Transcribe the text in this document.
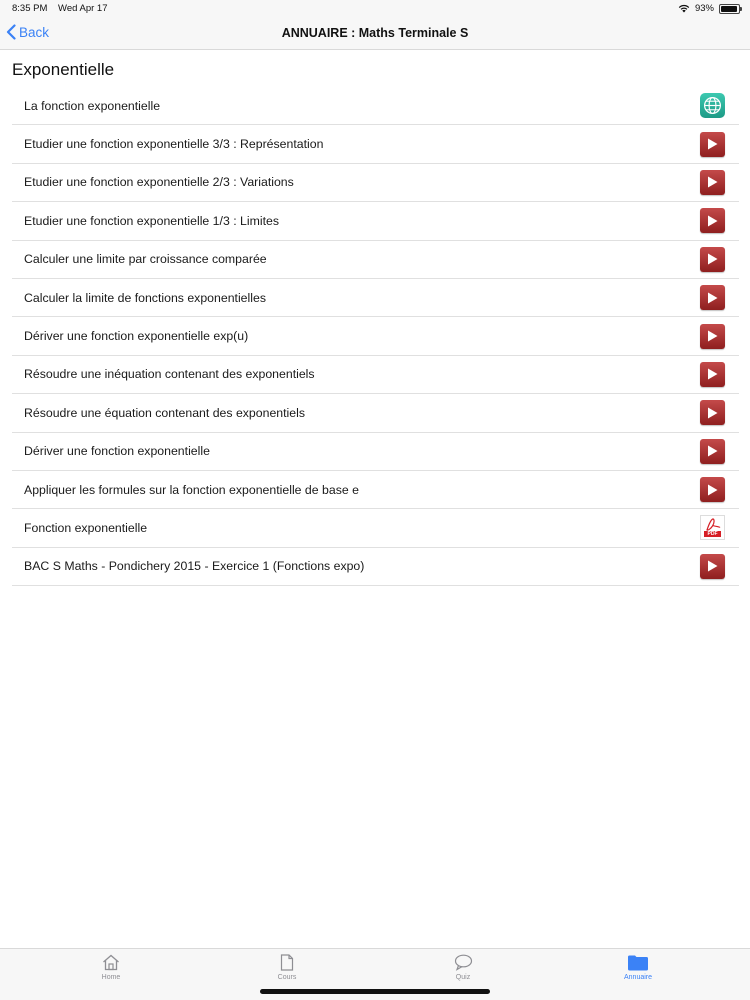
8:35 PM Wed Apr 17	93%
Back	ANNUAIRE : Maths Terminale S
Exponentielle
La fonction exponentielle
Etudier une fonction exponentielle 3/3 : Représentation
Etudier une fonction exponentielle 2/3 : Variations
Etudier une fonction exponentielle 1/3 : Limites
Calculer une limite par croissance comparée
Calculer la limite de fonctions exponentielles
Dériver une fonction exponentielle exp(u)
Résoudre une inéquation contenant des exponentiels
Résoudre une équation contenant des exponentiels
Dériver une fonction exponentielle
Appliquer les formules sur la fonction exponentielle de base e
Fonction exponentielle	PDF
BAC S Maths - Pondichery 2015 - Exercice 1 (Fonctions expo)
Home	Cours	Quiz	Annuaire
